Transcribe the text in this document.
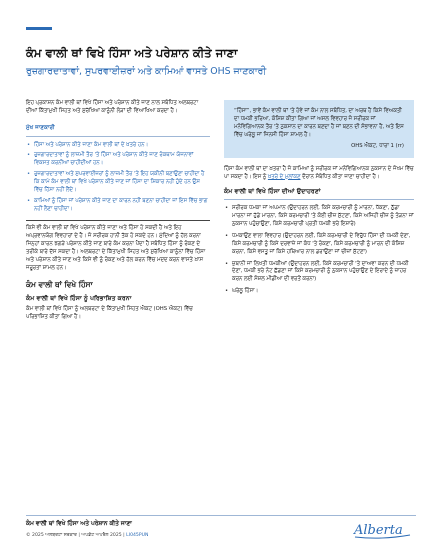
ਕੰਮ ਵਾਲੀ ਥਾਂ ਵਿਖੇ ਹਿੰਸਾ ਅਤੇ ਪਰੇਸ਼ਾਨ ਕੀਤੇ ਜਾਣਾ
ਰੁਜ਼ਗਾਰਦਾਤਾਵਾਂ, ਸੁਪਰਵਾਈਜ਼ਰਾਂ ਅਤੇ ਕਾਮਿਆਂ ਵਾਸਤੇ OHS ਜਾਣਕਾਰੀ

ਇਹ ਪ੍ਰਕਾਸ਼ਨ ਕੰਮ ਵਾਲੀ ਥਾਂ ਵਿਖੇ ਹਿੰਸਾ ਅਤੇ ਪਰੇਸ਼ਾਨ ਕੀਤੇ ਜਾਣ ਨਾਲ ਸਬੰਧਿਤ ਅਲਬਰਟਾ ਦੀਆਂ ਕਿੱਤਾਮੁਖੀ ਸਿਹਤ ਅਤੇ ਸੁਰੱਖਿਆ ਕਾਨੂੰਨੀ ਲੋੜਾਂ ਦੀ ਵਿਆਖਿਆ ਕਰਦਾ ਹੈ।

ਮੁੱਖ ਜਾਣਕਾਰੀ
• ਹਿੰਸਾ ਅਤੇ ਪਰੇਸ਼ਾਨ ਕੀਤੇ ਜਾਣਾ ਕੰਮ ਵਾਲੀ ਥਾਂ ਦੇ ਖ਼ਤਰੇ ਹਨ।
• ਰੁਜ਼ਗਾਰਦਾਤਾਵਾਂ ਨੂੰ ਲਾਜ਼ਮੀ ਤੌਰ 'ਤੇ ਹਿੰਸਾ ਅਤੇ ਪਰੇਸ਼ਾਨ ਕੀਤੇ ਜਾਣ ਰੋਕਥਾਮ ਯੋਜਨਾਵਾਂ ਵਿਕਸਤ ਕਰਨੀਆਂ ਚਾਹੀਦੀਆਂ ਹਨ।
• ਰੁਜ਼ਗਾਰਦਾਤਾਵਾਂ ਅਤੇ ਸੁਪਰਵਾਈਜ਼ਰਾਂ ਨੂੰ ਲਾਜ਼ਮੀ ਤੌਰ 'ਤੇ ਇਹ ਯਕੀਨੀ ਬਣਾਉਣਾ ਚਾਹੀਦਾ ਹੈ ਕਿ ਕਾਮੇ ਕੰਮ ਵਾਲੀ ਥਾਂ ਵਿਖੇ ਪਰੇਸ਼ਾਨ ਕੀਤੇ ਜਾਣ ਜਾਂ ਹਿੰਸਾ ਦਾ ਸ਼ਿਕਾਰ ਨਹੀਂ ਹੁੰਦੇ ਹਨ ਉਸ ਵਿੱਚ ਹਿੱਸਾ ਨਹੀਂ ਲੈਂਦੇ।
• ਕਾਮਿਆਂ ਨੂੰ ਹਿੰਸਾ ਜਾਂ ਪਰੇਸ਼ਾਨ ਕੀਤੇ ਜਾਣ ਦਾ ਕਾਰਨ ਨਹੀਂ ਬਣਨਾ ਚਾਹੀਦਾ ਜਾਂ ਇਸ ਵਿੱਚ ਭਾਗ ਨਹੀਂ ਲੈਣਾ ਚਾਹੀਦਾ।

ਕਿਸੇ ਵੀ ਕੰਮ ਵਾਲੀ ਥਾਂ ਵਿਖੇ ਪਰੇਸ਼ਾਨ ਕੀਤੇ ਜਾਣਾ ਅਤੇ ਹਿੰਸਾ ਹੋ ਸਕਦੀ ਹੈ ਅਤੇ ਇਹ ਅਪ੍ਰਵਾਨਯੋਗ ਵਿਵਹਾਰਾਂ ਦੇ ਹੈ। ਜੋ ਸਰੀਰਕ ਹਾਨੀ ਤੱਕ ਹੋ ਸਕਦੇ ਹਨ। ਮੁੱਦਿਆਂ ਨੂੰ ਹੱਲ ਕਰਨਾ ਜਿਨ੍ਹਾਂ ਕਾਰਨ ਝਗੜੇ ਪਰੇਸ਼ਾਨ ਕੀਤੇ ਜਾਣ ਬਾਰੇ ਕੰਮ ਕਰਨਾ ਪੈਂਦਾ ਹੈ ਸਬੰਧਿਤ ਹਿੰਸਾ ਨੂੰ ਰੋਕਣ ਦੇ ਤਰੀਕੇ ਬਾਰੇ ਦੱਸ ਸਕਦਾ ਹੈ। ਅਲਬਰਟਾ ਦੇ ਕਿੱਤਾਮੁਖੀ ਸਿਹਤ ਅਤੇ ਸੁਰੱਖਿਆ ਕਾਨੂੰਨਾਂ ਵਿੱਚ ਹਿੰਸਾ ਅਤੇ ਪਰੇਸ਼ਾਨ ਕੀਤੇ ਜਾਣ ਅਤੇ ਕਿਸੇ ਵੀ ਨੂੰ ਰੋਕਣ ਅਤੇ ਹੱਲ ਕਰਨ ਵਿੱਚ ਮਦਦ ਕਰਨ ਵਾਸਤੇ ਖ਼ਾਸ ਜਰੂਰਤਾਂ ਸ਼ਾਮਲ ਹਨ।

ਕੰਮ ਵਾਲੀ ਥਾਂ ਵਿਖੇ ਹਿੰਸਾ
ਕੰਮ ਵਾਲੀ ਥਾਂ ਵਿਖੇ ਹਿੰਸਾ ਨੂੰ ਪਰਿਭਾਸ਼ਿਤ ਕਰਨਾ

ਕੰਮ ਵਾਲੀ ਥਾਂ ਵਿਖੇ ਹਿੰਸਾ ਨੂੰ ਅਲਬਰਟਾ ਦੇ ਕਿੱਤਾਮੁਖੀ ਸਿਹਤ ਐਕਟ (OHS ਐਕਟ) ਵਿੱਚ ਪਰਿਭਾਸ਼ਿਤ ਕੀਤਾ ਗਿਆ ਹੈ।

“ਹਿੰਸਾ”, ਭਾਵੇਂ ਕੰਮ ਵਾਲੀ ਥਾਂ 'ਤੇ ਹੋਵੇ ਜਾਂ ਕੰਮ ਨਾਲ ਸਬੰਧਿਤ, ਦਾ ਅਰਥ ਹੈ ਕਿਸੇ ਵਿਅਕਤੀ ਦਾ ਧਮਕੀ ਭਰਿਆ, ਕੋਸ਼ਿਸ਼ ਕੀਤਾ ਗਿਆ ਜਾਂ ਅਸਲ ਵਿਵਹਾਰ ਜੋ ਸਰੀਰਕ ਜਾਂ ਮਨੋਵਿਗਿਆਨਕ ਤੌਰ 'ਤੇ ਨੁਕਸਾਨ ਦਾ ਕਾਰਨ ਬਣਦਾ ਹੈ ਜਾਂ ਬਣਨ ਦੀ ਸੰਭਾਵਨਾ ਹੈ, ਅਤੇ ਇਸ ਵਿੱਚ ਘਰੇਲੂ ਜਾਂ ਜਿਨਸੀ ਹਿੰਸਾ ਸ਼ਾਮਲ ਹੈ।

OHS ਐਕਟ, ਧਾਰਾ 1 (rr)

ਹਿੰਸਾ ਕੰਮ ਵਾਲੀ ਥਾਂ ਦਾ ਖ਼ਤਰਾ ਹੈ ਜੋ ਕਾਮਿਆਂ ਨੂੰ ਸਰੀਰਕ ਜਾਂ ਮਨੋਵਿਗਿਆਨਕ ਨੁਕਸਾਨ ਦੇ ਜੋਖਮ ਵਿੱਚ ਪਾ ਸਕਦਾ ਹੈ। ਇਸ ਨੂੰ ਖ਼ਤਰੇ ਦੇ ਮੁਲਾਂਕਣ ਦੌਰਾਨ ਸੰਬੋਧਿਤ ਕੀਤਾ ਜਾਣਾ ਚਾਹੀਦਾ ਹੈ।

ਕੰਮ ਵਾਲੀ ਥਾਂ ਵਿਖੇ ਹਿੰਸਾ ਦੀਆਂ ਉਦਾਹਰਣਾਂ
• ਸਰੀਰਕ ਧਮਕਾ ਜਾਂ ਅਪਮਾਨ (ਉਦਾਹਰਨ ਲਈ, ਕਿਸੇ ਕਰਮਚਾਰੀ ਨੂੰ ਮਾਰਨਾ, ਧੱਕਣਾ, ਠੁੱਡਾ ਮਾਰਨਾ ਜਾਂ ਹੁੱਡੇ ਮਾਰਨਾ, ਕਿਸੇ ਕਰਮਚਾਰੀ 'ਤੇ ਕੋਈ ਚੀਜ਼ ਸੁੱਟਣਾ, ਕਿਸੇ ਅਜਿਹੀ ਚੀਜ਼ ਨੂੰ ਤੋੜਨਾ ਜਾਂ ਨੁਕਸਾਨ ਪਹੁੰਚਾਉਣਾ, ਕਿਸੇ ਕਰਮਚਾਰੀ ਪ੍ਰਤੀ ਧਮਕੀ ਭਰੇ ਇਸ਼ਾਰੇ)
• ਧਮਕਾਉਣ ਵਾਲਾ ਵਿਵਹਾਰ (ਉਦਾਹਰਨ ਲਈ, ਕਿਸੇ ਕਰਮਚਾਰੀ ਦੇ ਵਿਰੁੱਧ ਹਿੰਸਾ ਦੀ ਧਮਕੀ ਦੇਣਾ, ਕਿਸੇ ਕਰਮਚਾਰੀ ਨੂੰ ਕਿਸੇ ਦਰਵਾਜ਼ੇ ਜਾਂ ਕੰਧ 'ਤੇ ਰੋਕਣਾ, ਕਿਸੇ ਕਰਮਚਾਰੀ ਨੂੰ ਮਾਰਨ ਦੀ ਕੋਸ਼ਿਸ਼ ਕਰਨਾ, ਕਿਸੇ ਵਸਤੂ ਜਾਂ ਕਿਸੇ ਹਥਿਆਰ ਨਾਲ ਡਰਾਉਣਾ ਜਾਂ ਚੀਜ਼ਾਂ ਸੁੱਟਣਾ)
• ਜ਼ੁਬਾਨੀ ਜਾਂ ਲਿਖਤੀ ਧਮਕੀਆਂ (ਉਦਾਹਰਨ ਲਈ, ਕਿਸੇ ਕਰਮਚਾਰੀ 'ਤੇ ਦਾਅਵਾ ਕਰਨ ਦੀ ਧਮਕੀ ਦੇਣਾ, ਧਮਕੀ ਭਰੇ ਨੋਟ ਛੱਡਣਾ ਜਾਂ ਕਿਸੇ ਕਰਮਚਾਰੀ ਨੂੰ ਨੁਕਸਾਨ ਪਹੁੰਚਾਉਣ ਦੇ ਇਰਾਦੇ ਨੂੰ ਜ਼ਾਹਰ ਕਰਨ ਲਈ ਸੋਸ਼ਲ ਮੀਡੀਆ ਦੀ ਵਰਤੋਂ ਕਰਨਾ)
• ਘਰੇਲੂ ਹਿੰਸਾ।
ਕੰਮ ਵਾਲੀ ਥਾਂ ਵਿਖੇ ਹਿੰਸਾ ਅਤੇ ਪਰੇਸ਼ਾਨ ਕੀਤੇ ਜਾਣਾ
© 2025 ਅਲਬਰਟਾ ਸਰਕਾਰ | ਅਪਡੇਟ ਅਪਰੈਲ 2025 | LI045PUN	Alberta
